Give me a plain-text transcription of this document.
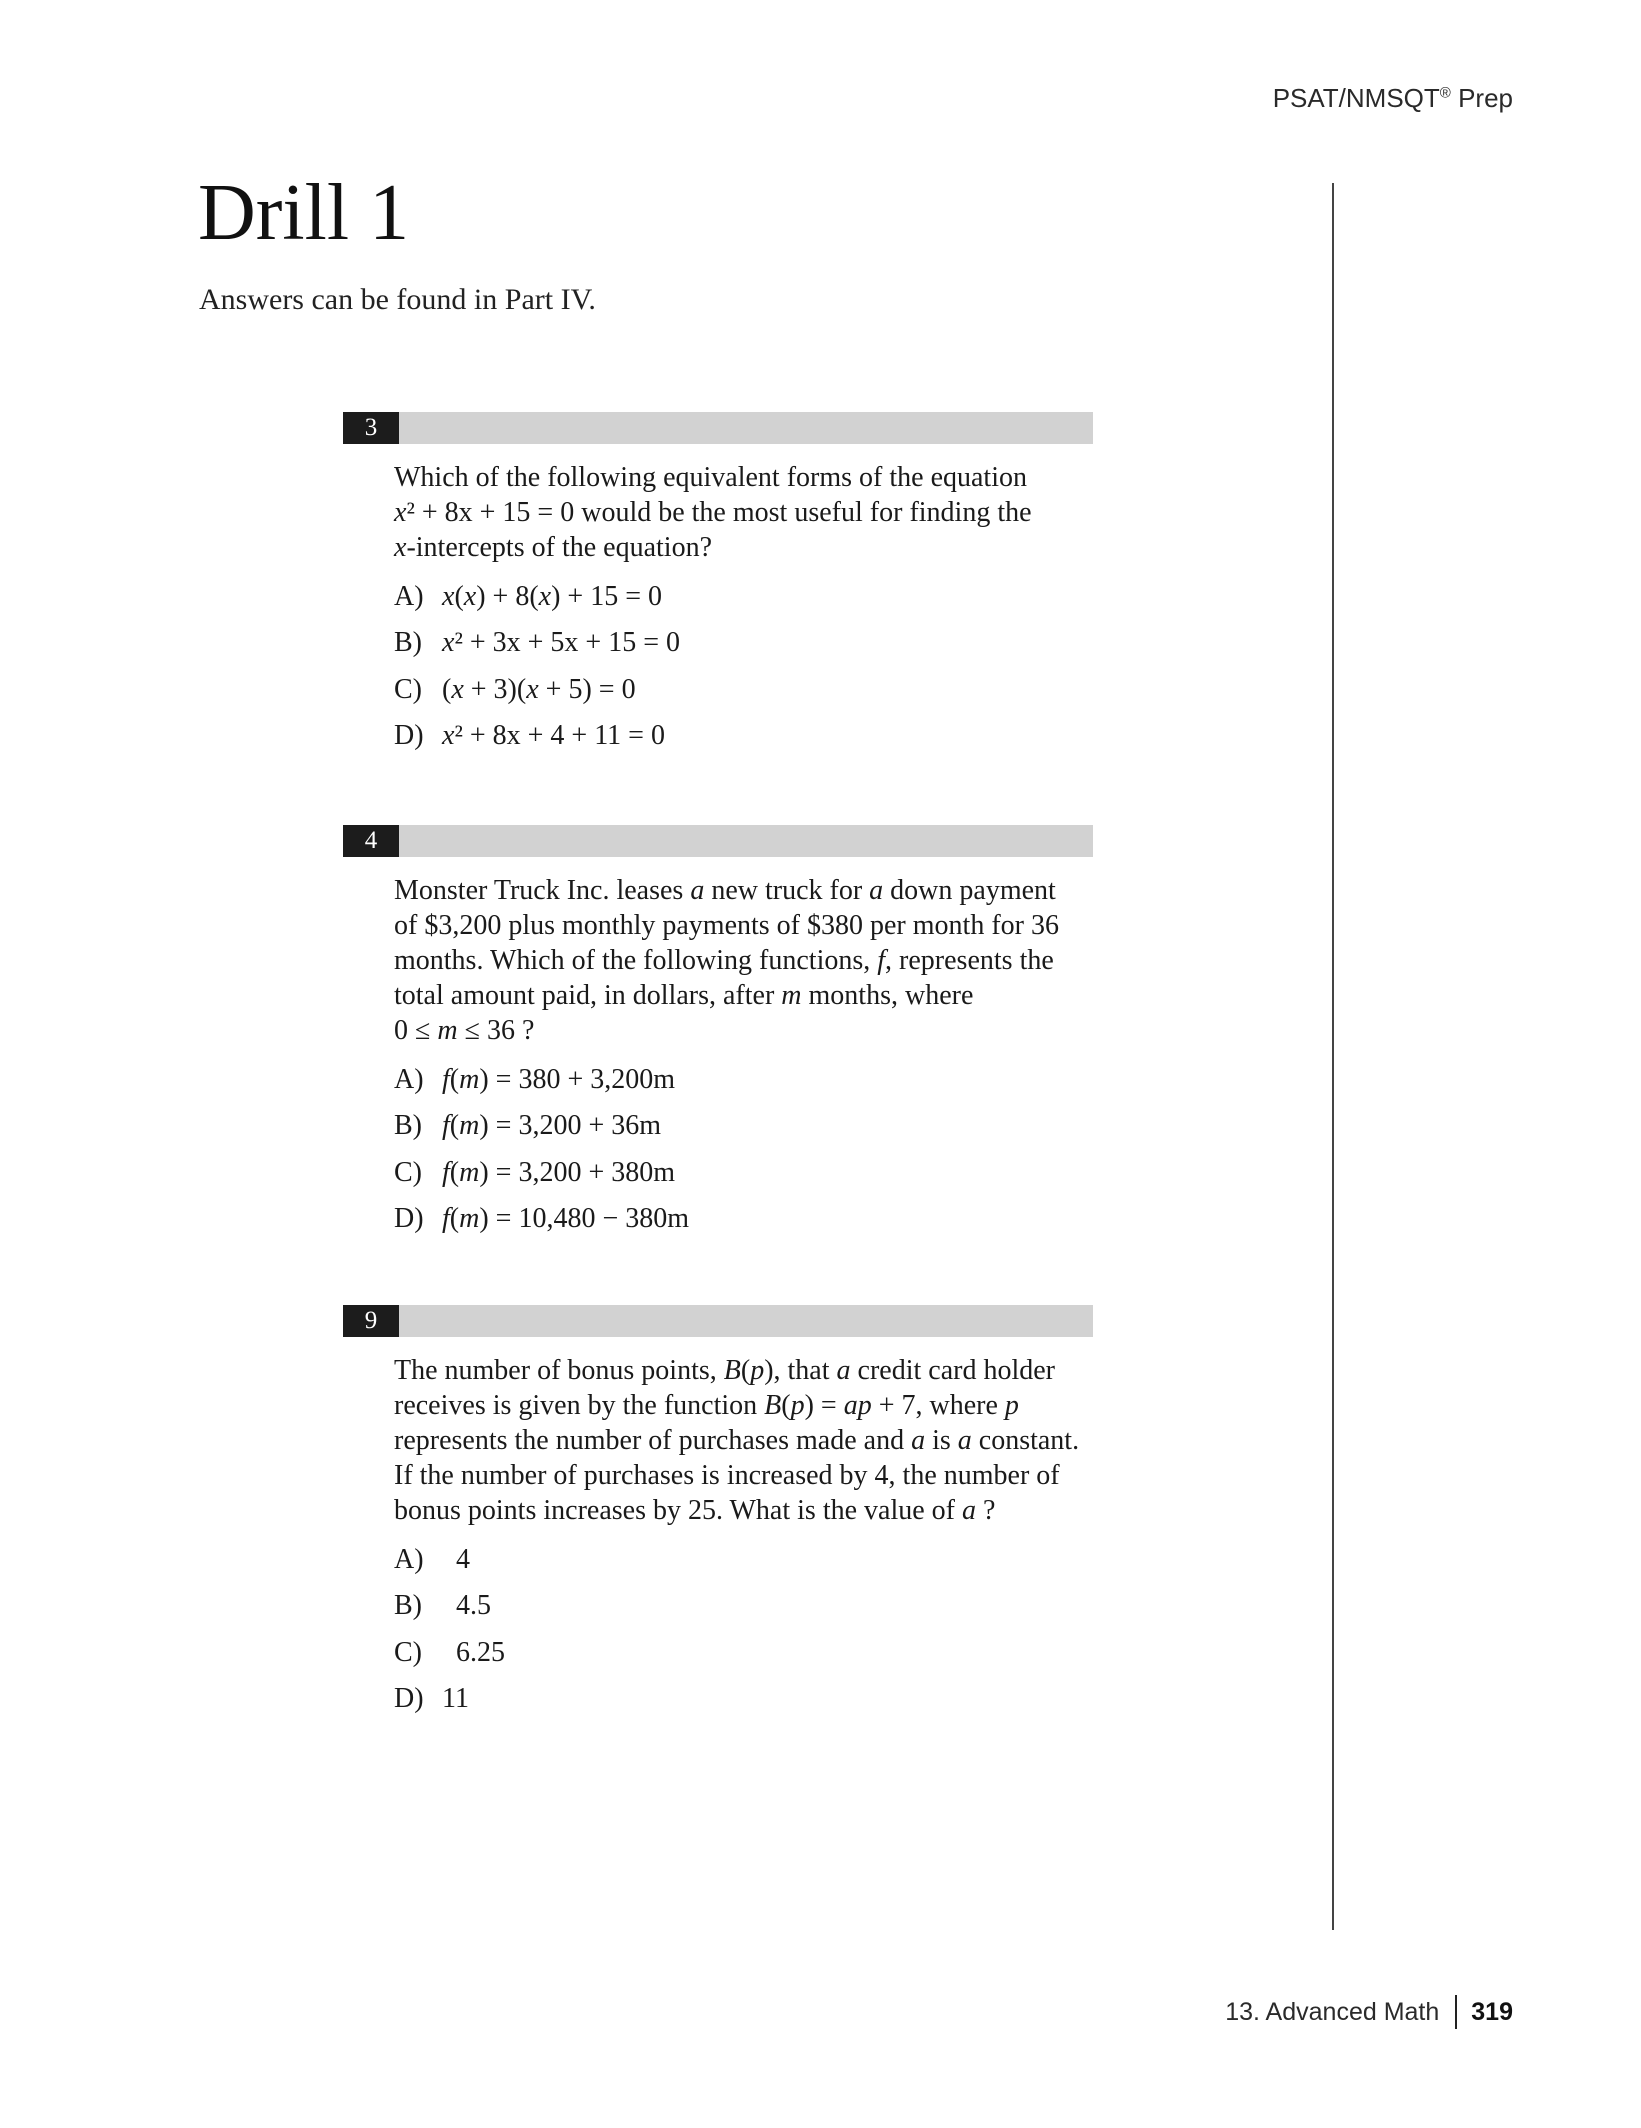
PSAT/NMSQT® Prep
Drill 1

Answers can be found in Part IV.

3

Which of the following equivalent forms of the equation
x² + 8x + 15 = 0 would be the most useful for finding the
x-intercepts of the equation?

A) x(x) + 8(x) + 15 = 0
B) x² + 3x + 5x + 15 = 0
C) (x + 3)(x + 5) = 0
D) x² + 8x + 4 + 11 = 0
4

Monster Truck Inc. leases a new truck for a down payment
of $3,200 plus monthly payments of $380 per month for 36
months. Which of the following functions, f, represents the
total amount paid, in dollars, after m months, where
0 ≤ m ≤ 36 ?

A) f(m) = 380 + 3,200m
B) f(m) = 3,200 + 36m
C) f(m) = 3,200 + 380m
D) f(m) = 10,480 − 380m
9

The number of bonus points, B(p), that a credit card holder
receives is given by the function B(p) = ap + 7, where p
represents the number of purchases made and a is a constant.
If the number of purchases is increased by 4, the number of
bonus points increases by 25. What is the value of a ?

A)	4
B)	4.5
C)	6.25
D) 11
13. Advanced Math 319
